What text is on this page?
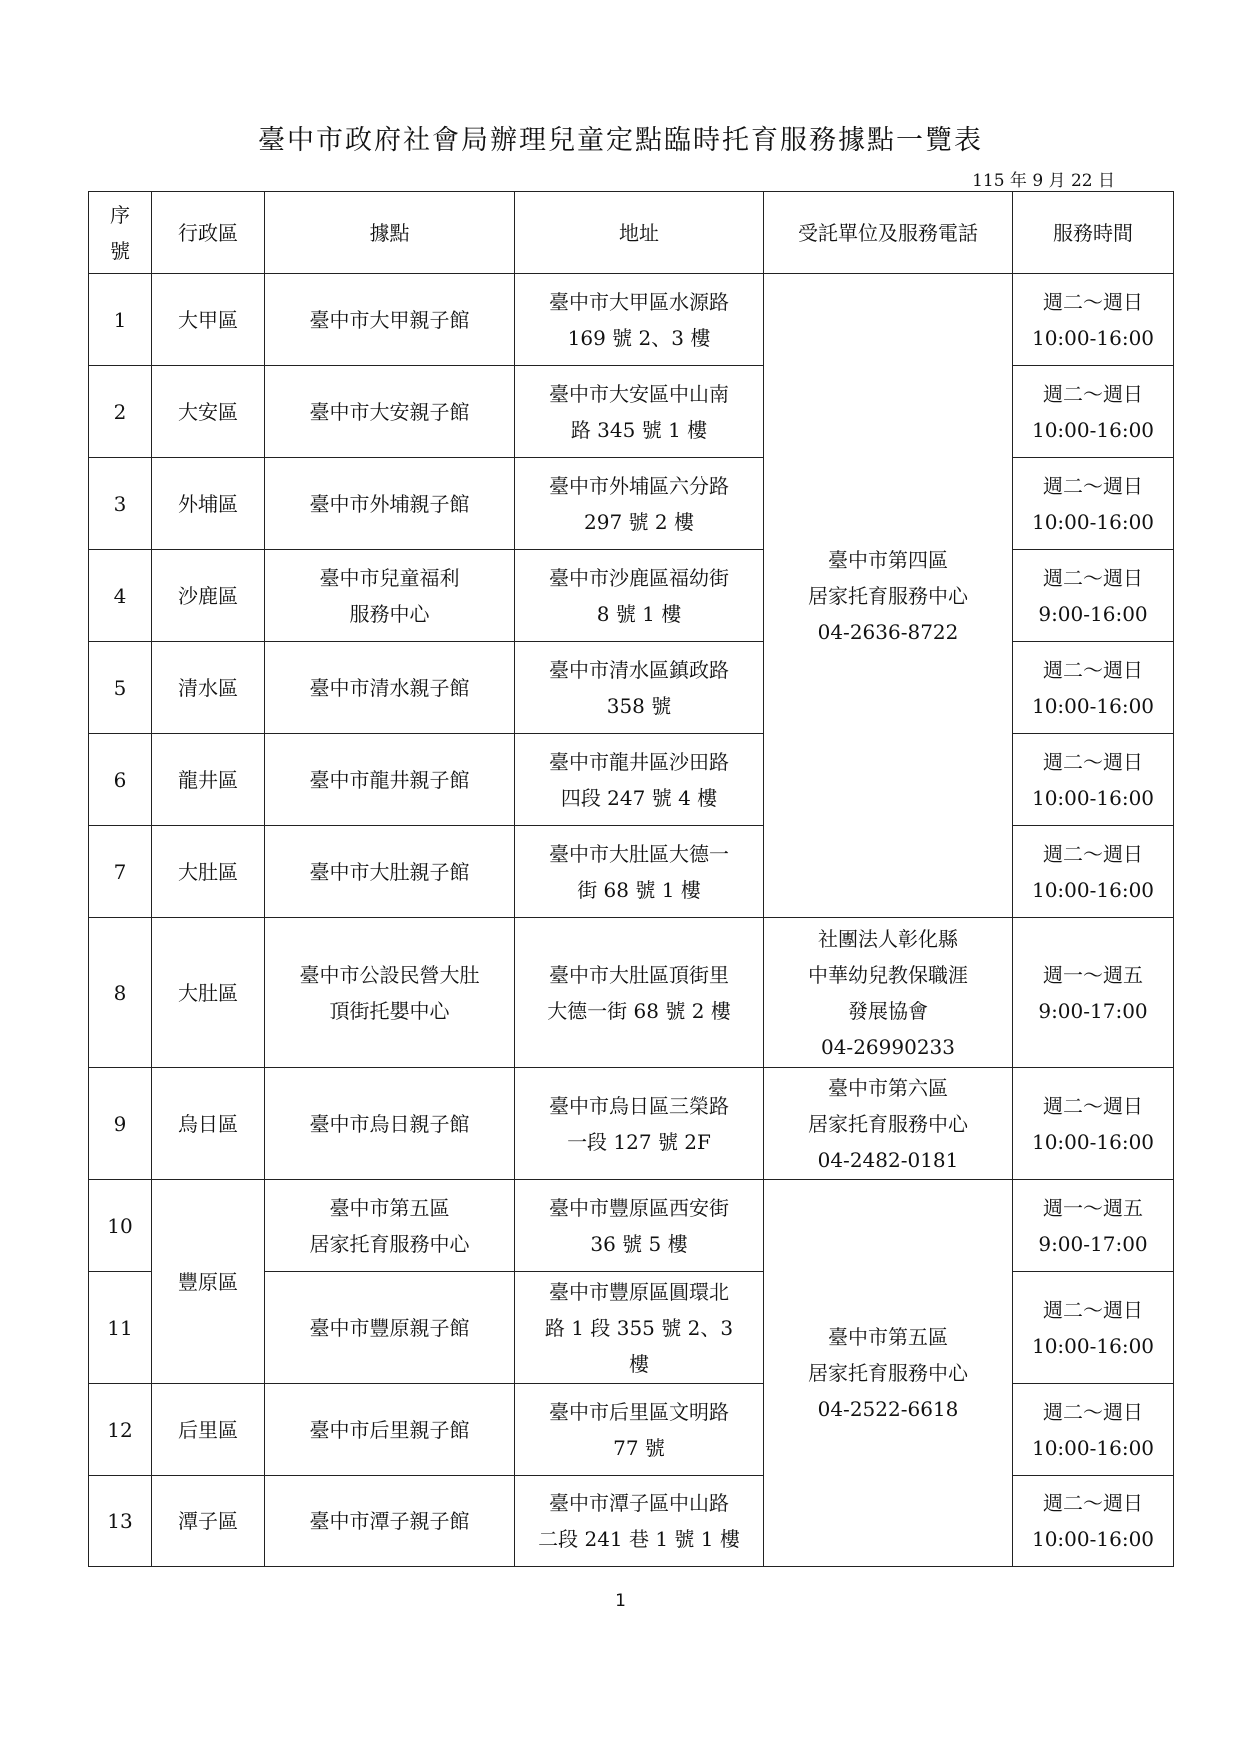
臺中市政府社會局辦理兒童定點臨時托育服務據點一覽表
115 年 9 月 22 日
序
號	行政區	據點	地址	受託單位及服務電話	服務時間
1	大甲區	臺中市大甲親子館	臺中市大甲區水源路
169 號 2、3 樓	臺中市第四區
居家托育服務中心
04-2636-8722	週二～週日
10:00-16:00

2	大安區	臺中市大安親子館	臺中市大安區中山南
路 345 號 1 樓		週二～週日
10:00-16:00

3	外埔區	臺中市外埔親子館	臺中市外埔區六分路
297 號 2 樓		週二～週日
10:00-16:00

4	沙鹿區	臺中市兒童福利
服務中心	臺中市沙鹿區福幼街
8 號 1 樓		週二～週日
9:00-16:00

5	清水區	臺中市清水親子館	臺中市清水區鎮政路
358 號		週二～週日
10:00-16:00

6	龍井區	臺中市龍井親子館	臺中市龍井區沙田路
四段 247 號 4 樓		週二～週日
10:00-16:00

7	大肚區	臺中市大肚親子館	臺中市大肚區大德一
街 68 號 1 樓		週二～週日
10:00-16:00

8	大肚區	臺中市公設民營大肚
頂街托嬰中心	臺中市大肚區頂街里
大德一街 68 號 2 樓	社團法人彰化縣
中華幼兒教保職涯
發展協會
04-26990233	週一～週五
9:00-17:00

9	烏日區	臺中市烏日親子館	臺中市烏日區三榮路
一段 127 號 2F	臺中市第六區
居家托育服務中心
04-2482-0181	週二～週日
10:00-16:00

10	豐原區	臺中市第五區
居家托育服務中心	臺中市豐原區西安街
36 號 5 樓	臺中市第五區
居家托育服務中心
04-2522-6618	週一～週五
9:00-17:00

11		臺中市豐原親子館	臺中市豐原區圓環北
路 1 段 355 號 2、3
樓		週二～週日
10:00-16:00

12	后里區	臺中市后里親子館	臺中市后里區文明路
77 號		週二～週日
10:00-16:00

13	潭子區	臺中市潭子親子館	臺中市潭子區中山路
二段 241 巷 1 號 1 樓		週二～週日
10:00-16:00
1
